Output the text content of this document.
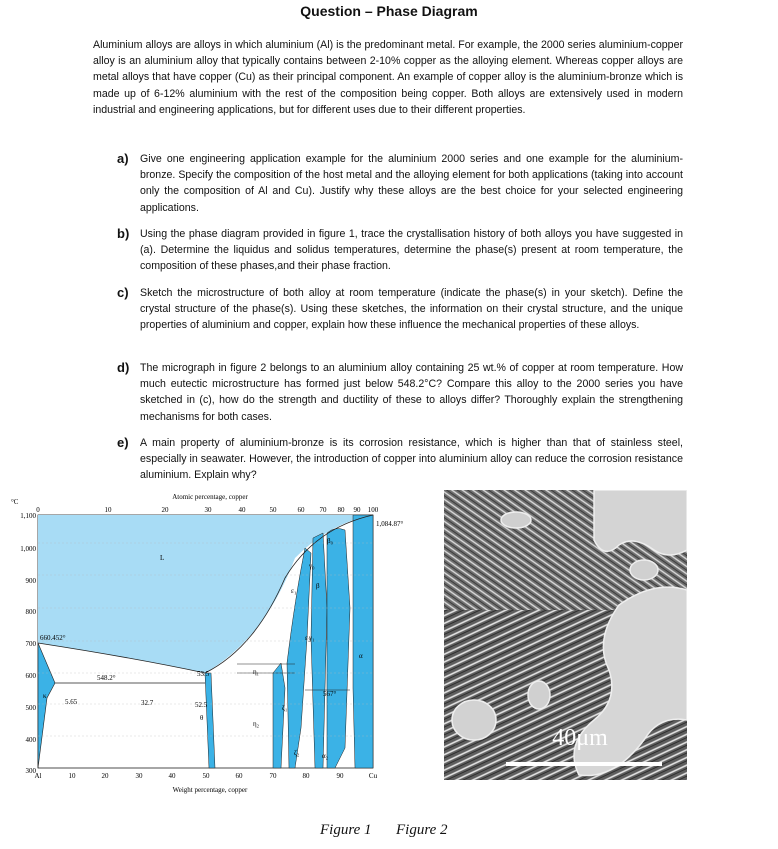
Question – Phase Diagram

Aluminium alloys are alloys in which aluminium (Al) is the predominant metal. For example, the 2000 series aluminium-copper alloy is an aluminium alloy that typically contains between 2-10% copper as the alloying element. Whereas copper alloys are metal alloys that have copper (Cu) as their principal component. An example of copper alloy is the aluminium-bronze which is made up of 6-12% aluminium with the rest of the composition being copper. Both alloys are extensively used in modern industrial and engineering applications, but for different uses due to their different properties.

a) Give one engineering application example for the aluminium 2000 series and one example for the aluminium-bronze. Specify the composition of the host metal and the alloying element for both applications (taking into account only the composition of Al and Cu). Justify why these alloys are the best choice for your selected engineering applications.
b) Using the phase diagram provided in figure 1, trace the crystallisation history of both alloys you have suggested in (a). Determine the liquidus and solidus temperatures, determine the phase(s) present at room temperature, the composition of these phases,and their phase fraction.
c) Sketch the microstructure of both alloy at room temperature (indicate the phase(s) in your sketch). Define the crystal structure of the phase(s). Using these sketches, the information on their crystal structure, and the unique properties of aluminium and copper, explain how these influence the mechanical properties of these alloys.
d) The micrograph in figure 2 belongs to an aluminium alloy containing 25 wt.% of copper at room temperature. How much eutectic microstructure has formed just below 548.2°C? Compare this alloy to the 2000 series you have sketched in (c), how do the strength and ductility of these to alloys differ? Thoroughly explain the strengthening mechanisms for both cases.
e) A main property of aluminium-bronze is its corrosion resistance, which is higher than that of stainless steel, especially in seawater. However, the introduction of copper into aluminium alloy can reduce the corrosion resistance aluminium. Explain why?
Atomic percentage, copper
Weight percentage, copper
°C
0	10	20	30	40	50	60 70 80 90 100
Al	10	20	30	40	50	60	70	80	90	Cu
1,100
1,000
900
800
700
600
500
400
300
660.452°
1,084.87°
548.2°
L
κ
α
β
β₀
θ
η₁
η₂
ζ₁
ζ₂
ε₁
ε₂
γ₀
γ₁
α₂
567°
5.65	32.7	52.5
53.5
40μm
Figure 1 Figure 2
